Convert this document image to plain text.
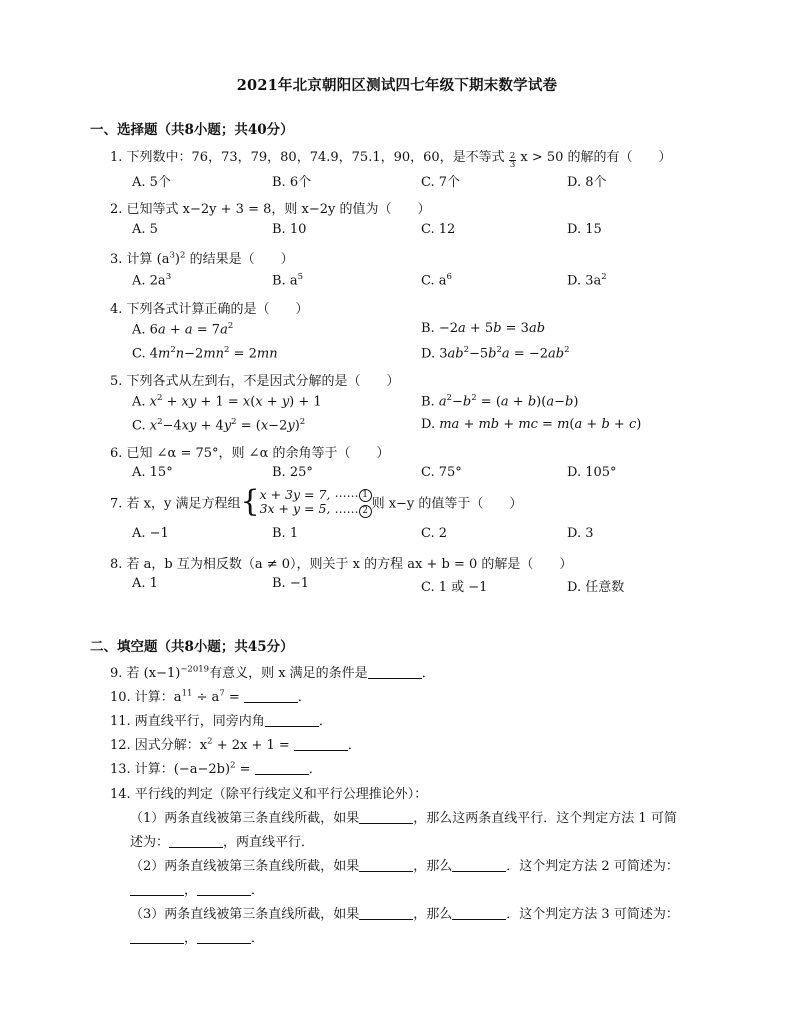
2021年北京朝阳区测试四七年级下期末数学试卷
一、选择题（共8小题；共40分）
1. 下列数中：76，73，79，80，74.9，75.1，90，60，是不等式 $\frac{2}{3}$ x > 50 的解的有（　　）
A. 5个	B. 6个	C. 7个	D. 8个
2. 已知等式 x−2y + 3 = 8，则 x−2y 的值为（　　）
A. 5	B. 10	C. 12	D. 15
3. 计算 $(a^3)^2$ 的结果是（　　）
A. $2a^3$	B. $a^5$	C. $a^6$	D. $3a^2$
4. 下列各式计算正确的是（　　）
A. $6a + a = 7a^2$	B. −2a + 5b = 3ab
C. $4m^2n-2mn^2 = 2mn$	D. $3ab^2-5b^2a = -2ab^2$
5. 下列各式从左到右，不是因式分解的是（　　）
A. $x^2$ + xy + 1 = x(x + y) + 1	B. $a^2-b^2 = (a + b)(a-b)$
C. $x^2-4xy + 4y^2 = (x-2y)^2$	D. ma + mb + mc = m(a + b + c)
6. 已知 ∠α = 75°，则 ∠α 的余角等于（　　）
A. 15°	B. 25°	C. 75°	D. 105°
7. 若 x，y 满足方程组{ x + 3y = 7,
3x + y = 5,

…… 1
…… 2 则 x−y 的值等于（　　）
A. −1	B. 1	C. 2	D. 3
8. 若 a，b 互为相反数（a ≠ 0），则关于 x 的方程 ax + b = 0 的解是（　　）
A. 1	B. −1	C. 1 或 −1	D. 任意数
二、填空题（共8小题；共45分）
9. 若 $(x-1)^{-2019}$有意义，则 x 满足的条件是	．
10. 计算：$a^{11} \div a^7$ =	．
11. 两直线平行，同旁内角	．
12. 因式分解：$x^2 + 2x + 1$ =	．
13. 计算：$(-a-2b)^2$ =	．
14. 平行线的判定（除平行线定义和平行公理推论外）：
（1）两条直线被第三条直线所截，如果	，那么这两条直线平行．这个判定方法 1 可简
述为：	，两直线平行．
（2）两条直线被第三条直线所截，如果	，那么	．这个判定方法 2 可简述为：
，	．
（3）两条直线被第三条直线所截，如果	，那么	．这个判定方法 3 可简述为：
，	．
